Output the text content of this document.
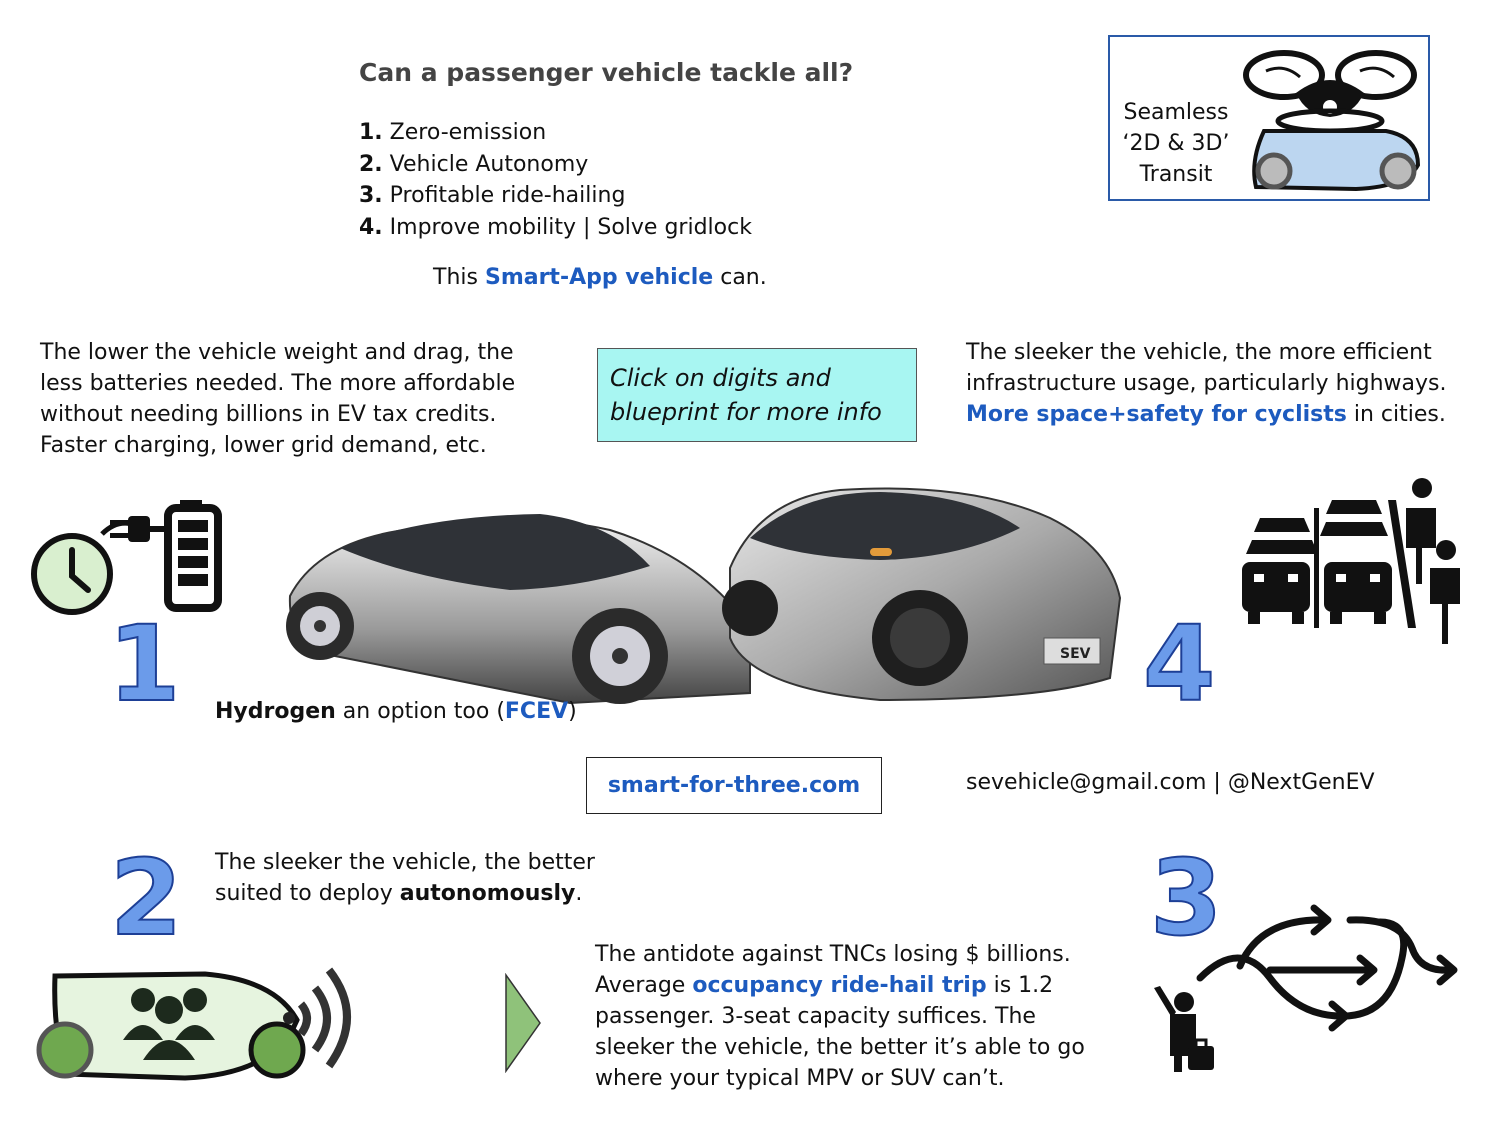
Can a passenger vehicle tackle all?
1. Zero-emission
2. Vehicle Autonomy
3. Profitable ride-hailing
4. Improve mobility | Solve gridlock
This Smart-App vehicle can.
Seamless
‘2D & 3D’
Transit
The lower the vehicle weight and drag, the less batteries needed. The more affordable without needing billions in EV tax credits. Faster charging, lower grid demand, etc.
Click on digits and blueprint for more info
The sleeker the vehicle, the more efficient infrastructure usage, particularly highways. More space+safety for cyclists in cities.
SEV
1	4
2	3
Hydrogen an option too (FCEV)
smart-for-three.com	sevehicle@gmail.com | @NextGenEV
The sleeker the vehicle, the better suited to deploy autonomously.
The antidote against TNCs losing $ billions.
Average occupancy ride-hail trip is 1.2 passenger. 3-seat capacity suffices. The sleeker the vehicle, the better it’s able to go where your typical MPV or SUV can’t.
